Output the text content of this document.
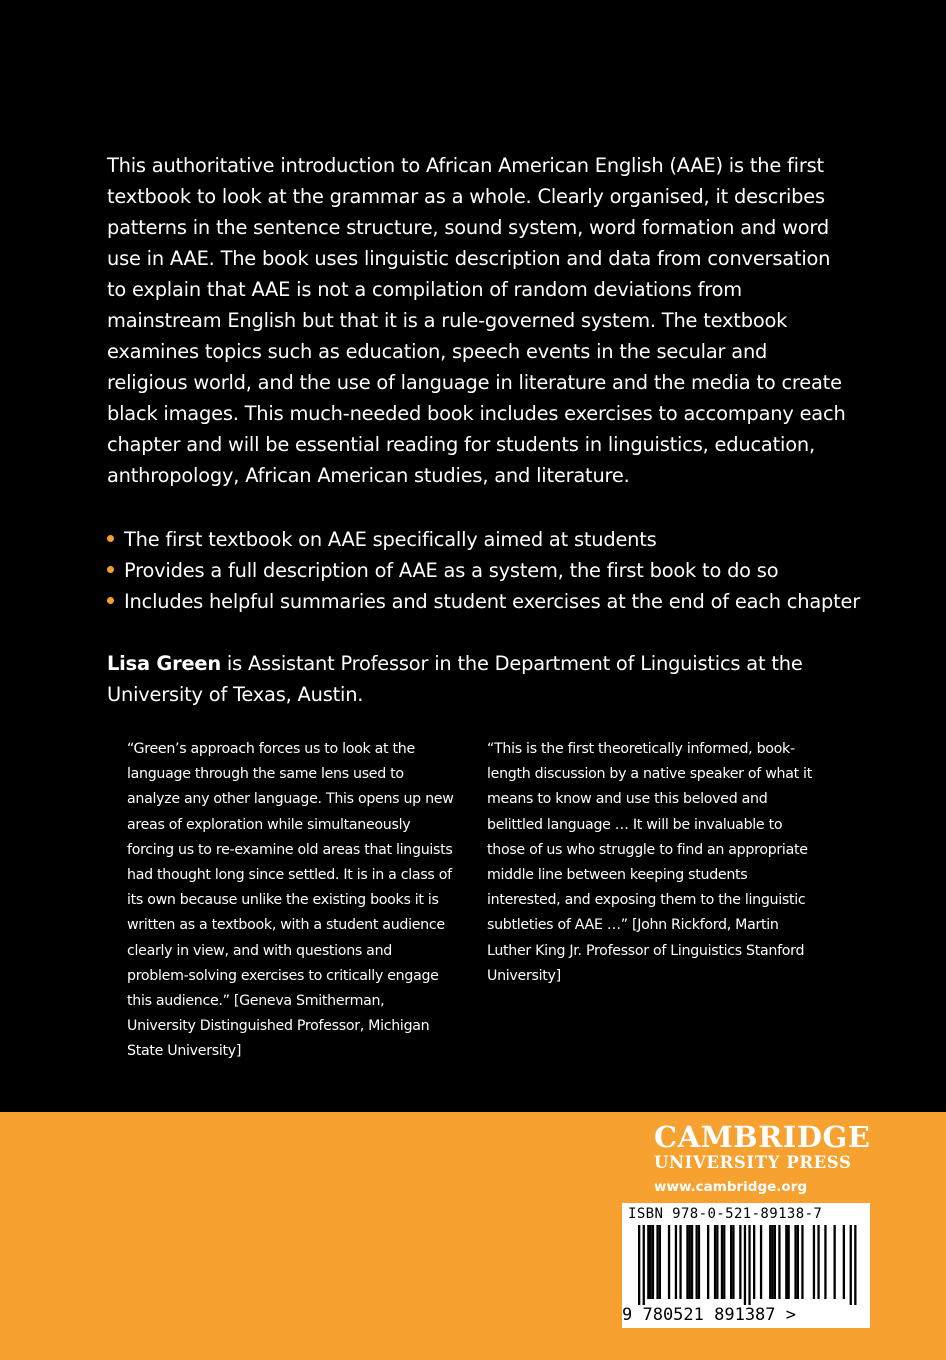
This authoritative introduction to African American English (AAE) is the first textbook to look at the grammar as a whole. Clearly organised, it describes patterns in the sentence structure, sound system, word formation and word use in AAE. The book uses linguistic description and data from conversation to explain that AAE is not a compilation of random deviations from mainstream English but that it is a rule-governed system. The textbook examines topics such as education, speech events in the secular and religious world, and the use of language in literature and the media to create black images. This much-needed book includes exercises to accompany each chapter and will be essential reading for students in linguistics, education, anthropology, African American studies, and literature.

The first textbook on AAE specifically aimed at students
Provides a full description of AAE as a system, the first book to do so
Includes helpful summaries and student exercises at the end of each chapter

Lisa Green is Assistant Professor in the Department of Linguistics at the University of Texas, Austin.

“Green’s approach forces us to look at the language through the same lens used to analyze any other language. This opens up new areas of exploration while simultaneously forcing us to re-examine old areas that linguists had thought long since settled. It is in a class of its own because unlike the existing books it is written as a textbook, with a student audience clearly in view, and with questions and problem-solving exercises to critically engage this audience.” [Geneva Smitherman, University Distinguished Professor, Michigan State University]

“This is the first theoretically informed, book-length discussion by a native speaker of what it means to know and use this beloved and belittled language … It will be invaluable to those of us who struggle to find an appropriate middle line between keeping students interested, and exposing them to the linguistic subtleties of AAE …” [John Rickford, Martin Luther King Jr. Professor of Linguistics Stanford University]

CAMBRIDGE
UNIVERSITY PRESS
www.cambridge.org
ISBN 978-0-521-89138-7
9 780521 891387 >
